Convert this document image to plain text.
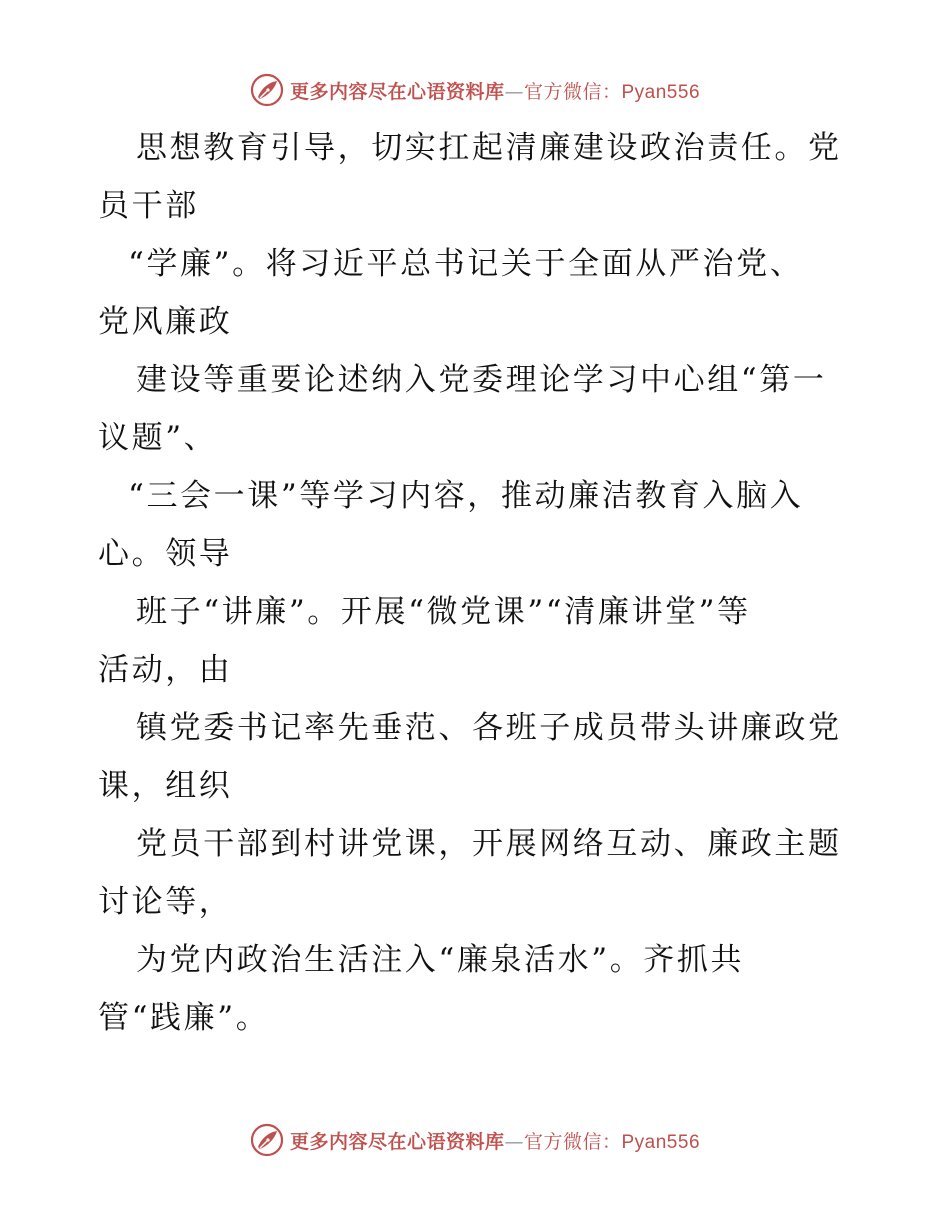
更多内容尽在心语资料库—官方微信：Pyan556
思想教育引导，切实扛起清廉建设政治责任。党
员干部
“学廉”。将习近平总书记关于全面从严治党、
党风廉政
建设等重要论述纳入党委理论学习中心组“第一
议题”、
“三会一课”等学习内容，推动廉洁教育入脑入
心。领导
班子“讲廉”。开展“微党课”“清廉讲堂”等
活动，由
镇党委书记率先垂范、各班子成员带头讲廉政党
课，组织
党员干部到村讲党课，开展网络互动、廉政主题
讨论等，
为党内政治生活注入“廉泉活水”。齐抓共
管“践廉”。
更多内容尽在心语资料库—官方微信：Pyan556
